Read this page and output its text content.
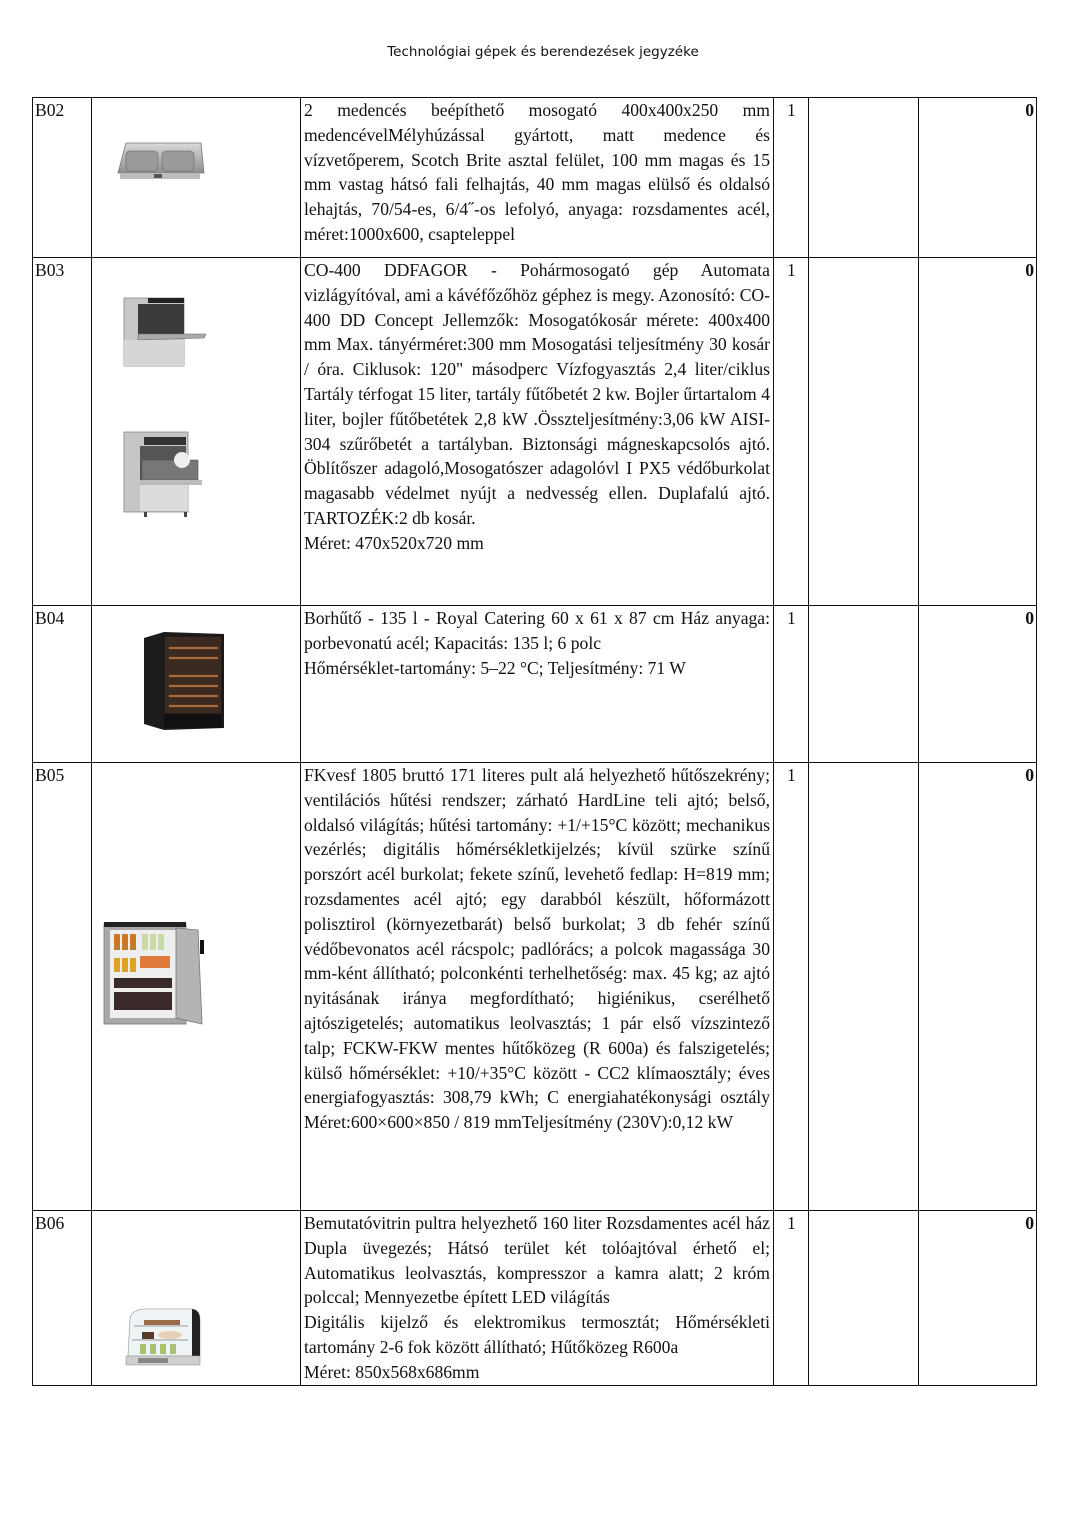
Technológiai gépek és berendezések jegyzéke
B02		2 medencés beépíthető mosogató 400x400x250 mm medencévelMélyhúzással gyártott, matt medence és vízvetőperem, Scotch Brite asztal felület, 100 mm magas és 15 mm vastag hátsó fali felhajtás, 40 mm magas elülső és oldalsó lehajtás, 70/54-es, 6/4˝-os lefolyó, anyaga: rozsdamentes acél, méret:1000x600, csapteleppel	1		0
B03		CO-400 DDFAGOR - Pohármosogató gép Automata vizlágyítóval, ami a kávéfőzőhöz géphez is megy. Azonosító: CO-400 DD Concept Jellemzők: Mosogatókosár mérete: 400x400 mm Max. tányérméret:300 mm Mosogatási teljesítmény 30 kosár / óra. Ciklusok: 120" másodperc Vízfogyasztás 2,4 liter/ciklus Tartály térfogat 15 liter, tartály fűtőbetét 2 kw. Bojler űrtartalom 4 liter, bojler fűtőbetétek 2,8 kW .Összteljesítmény:3,06 kW AISI-304 szűrőbetét a tartályban. Biztonsági mágneskapcsolós ajtó. Öblítőszer adagoló,Mosogatószer adagolóvl I PX5 védőburkolat magasabb védelmet nyújt a nedvesség ellen. Duplafalú ajtó. TARTOZÉK:2 db kosár.
Méret: 470x520x720 mm	1		0
B04		Borhűtő - 135 l - Royal Catering 60 x 61 x 87 cm Ház anyaga: porbevonatú acél; Kapacitás: 135 l; 6 polc
Hőmérséklet-tartomány: 5–22 °C; Teljesítmény: 71 W	1		0
B05		FKvesf 1805 bruttó 171 literes pult alá helyezhető hűtőszekrény; ventilációs hűtési rendszer; zárható HardLine teli ajtó; belső, oldalsó világítás; hűtési tartomány: +1/+15°C között; mechanikus vezérlés; digitális hőmérsékletkijelzés; kívül szürke színű porszórt acél burkolat; fekete színű, levehető fedlap: H=819 mm; rozsdamentes acél ajtó; egy darabból készült, hőformázott polisztirol (környezetbarát) belső burkolat; 3 db fehér színű védőbevonatos acél rácspolc; padlórács; a polcok magassága 30 mm-ként állítható; polconkénti terhelhetőség: max. 45 kg; az ajtó nyitásának iránya megfordítható; higiénikus, cserélhető ajtószigetelés; automatikus leolvasztás; 1 pár első vízszintező talp; FCKW-FKW mentes hűtőközeg (R 600a) és falszigetelés; külső hőmérséklet: +10/+35°C között - CC2 klímaosztály; éves energiafogyasztás: 308,79 kWh; C energiahatékonysági osztály Méret:600×600×850 / 819 mmTeljesítmény (230V):0,12 kW	1		0
B06		Bemutatóvitrin pultra helyezhető 160 liter Rozsdamentes acél ház Dupla üvegezés; Hátsó terület két tolóajtóval érhető el; Automatikus leolvasztás, kompresszor a kamra alatt; 2 króm polccal; Mennyezetbe épített LED világítás
Digitális kijelző és elektromikus termosztát; Hőmérsékleti tartomány 2-6 fok között állítható; Hűtőközeg R600a
Méret: 850x568x686mm	1		0
